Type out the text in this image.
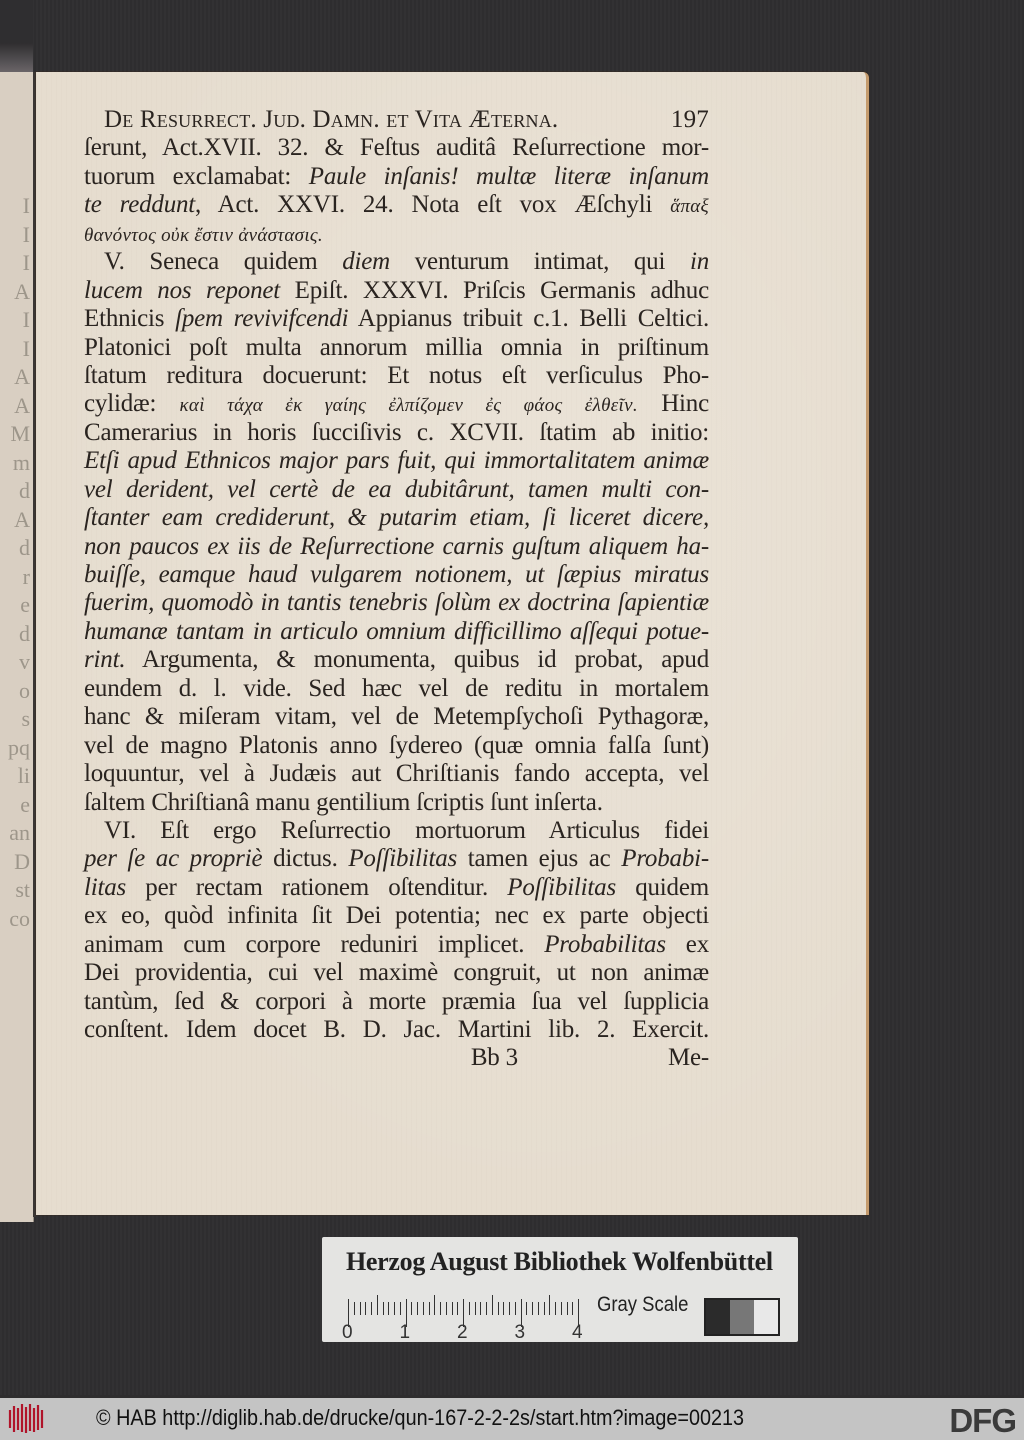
I
I
I
A
I
I
A
A
M
m
d
A
d
r
e
d
v
o
s
pq
li
e
an
D
st
co
De Resurrect. Jud. Damn. et Vita Æterna.	197
ſerunt, Act.XVII. 32. & Feſtus auditâ Reſurrectione mor-
tuorum exclamabat: Paule inſanis! multæ literæ inſanum
te reddunt, Act. XXVI. 24. Nota eſt vox Æſchyli ἅπαξ
θανόντος οὐκ ἔστιν ἀνάστασις.
V. Seneca quidem diem venturum intimat, qui in
lucem nos reponet Epiſt. XXXVI. Priſcis Germanis adhuc
Ethnicis ſpem revivifcendi Appianus tribuit c.1. Belli Celtici.
Platonici poſt multa annorum millia omnia in priſtinum
ſtatum reditura docuerunt: Et notus eſt verſiculus Pho-
cylidæ: καὶ τάχα ἐκ γαίης ἐλπίζομεν ἐς φάος ἐλθεῖν. Hinc
Camerarius in horis ſucciſivis c. XCVII. ſtatim ab initio:
Etſi apud Ethnicos major pars fuit, qui immortalitatem animæ
vel derident, vel certè de ea dubitârunt, tamen multi con-
ſtanter eam crediderunt, & putarim etiam, ſi liceret dicere,
non paucos ex iis de Reſurrectione carnis guſtum aliquem ha-
buiſſe, eamque haud vulgarem notionem, ut ſæpius miratus
fuerim, quomodò in tantis tenebris ſolùm ex doctrina ſapientiæ
humanæ tantam in articulo omnium difficillimo aſſequi potue-
rint. Argumenta, & monumenta, quibus id probat, apud
eundem d. l. vide. Sed hæc vel de reditu in mortalem
hanc & miſeram vitam, vel de Metempſychoſi Pythagoræ,
vel de magno Platonis anno ſydereo (quæ omnia falſa ſunt)
loquuntur, vel à Judæis aut Chriſtianis fando accepta, vel
ſaltem Chriſtianâ manu gentilium ſcriptis ſunt inſerta.
VI. Eſt ergo Reſurrectio mortuorum Articulus fidei
per ſe ac propriè dictus. Poſſibilitas tamen ejus ac Probabi-
litas per rectam rationem oſtenditur. Poſſibilitas quidem
ex eo, quòd infinita ſit Dei potentia; nec ex parte objecti
animam cum corpore reduniri implicet. Probabilitas ex
Dei providentia, cui vel maximè congruit, ut non animæ
tantùm, ſed & corpori à morte præmia ſua vel ſupplicia
conſtent. Idem docet B. D. Jac. Martini lib. 2. Exercit.
Bb 3	Me-
Herzog August Bibliothek Wolfenbüttel
0 1 2 3 4
Gray Scale
© HAB http://diglib.hab.de/drucke/qun-167-2-2-2s/start.htm?image=00213	DFG
